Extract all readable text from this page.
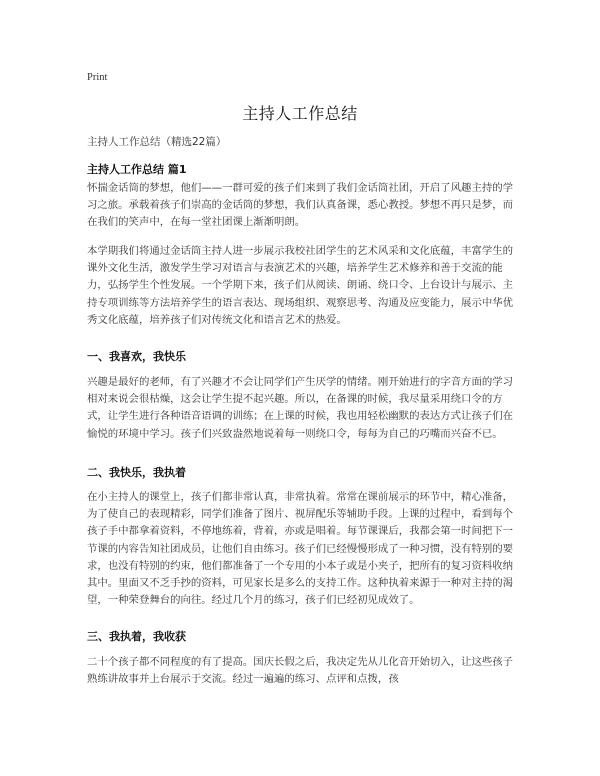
Print
主持人工作总结
主持人工作总结（精选22篇）
主持人工作总结 篇1

怀揣金话筒的梦想，他们——一群可爱的孩子们来到了我们金话筒社团，开启了风趣主持的学习之旅。承载着孩子们崇高的金话筒的梦想，我们认真备课，悉心教授。梦想不再只是梦，而在我们的笑声中，在每一堂社团课上渐渐明朗。

本学期我们将通过金话筒主持人进一步展示我校社团学生的艺术风采和文化底蕴，丰富学生的课外文化生活，激发学生学习对语言与表演艺术的兴趣，培养学生艺术修养和善于交流的能力，弘扬学生个性发展。一个学期下来，孩子们从阅读、朗诵、绕口令、上台设计与展示、主持专项训练等方法培养学生的语言表达、现场组织、观察思考、沟通及应变能力，展示中华优秀文化底蕴，培养孩子们对传统文化和语言艺术的热爱。

一、我喜欢，我快乐

兴趣是最好的老师，有了兴趣才不会让同学们产生厌学的情绪。刚开始进行的字音方面的学习相对来说会很枯燥，这会让学生提不起兴趣。所以，在备课的时候，我尽量采用绕口令的方式，让学生进行各种语音语调的训练；在上课的时候，我也用轻松幽默的表达方式让孩子们在愉悦的环境中学习。孩子们兴致盎然地说着每一则绕口令，每每为自己的巧嘴而兴奋不已。

二、我快乐，我执着

在小主持人的课堂上，孩子们都非常认真，非常执着。常常在课前展示的环节中，精心准备，为了使自己的表现精彩，同学们准备了图片、视屏配乐等辅助手段。上课的过程中，看到每个孩子手中都拿着资料，不停地练着，背着，亦或是唱着。每节课课后，我都会第一时间把下一节课的内容告知社团成员，让他们自由练习。孩子们已经慢慢形成了一种习惯，没有特别的要求，也没有特别的约束，他们都准备了一个专用的小本子或是小夹子，把所有的复习资料收纳其中。里面又不乏手抄的资料，可见家长是多么的支持工作。这种执着来源于一种对主持的渴望，一种荣登舞台的向往。经过几个月的练习，孩子们已经初见成效了。

三、我执着，我收获

二十个孩子都不同程度的有了提高。国庆长假之后，我决定先从儿化音开始切入，让这些孩子熟练讲故事并上台展示于交流。经过一遍遍的练习、点评和点拨，孩
